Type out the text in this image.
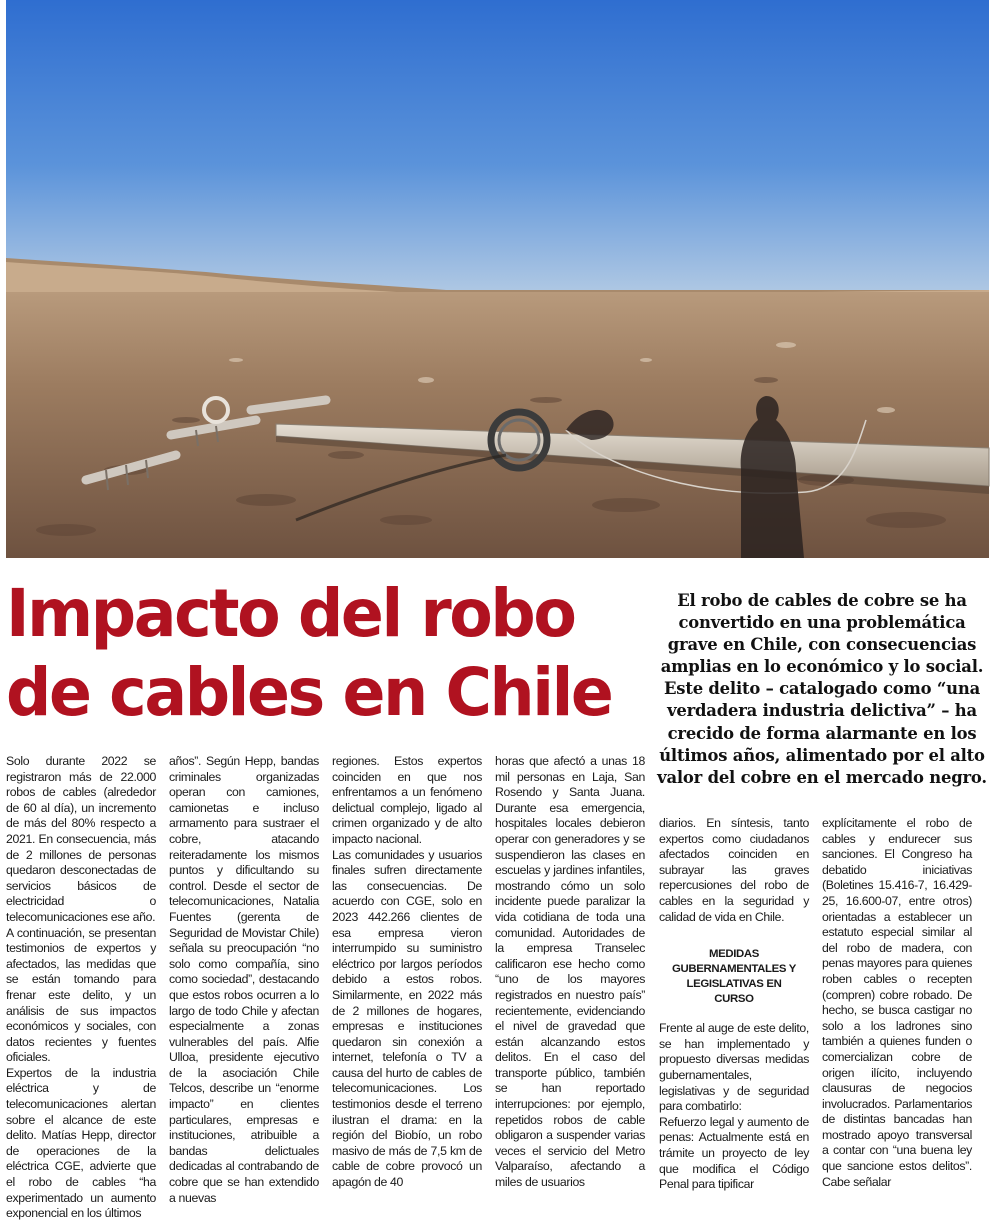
Impacto del robo
de cables en Chile

El robo de cables de cobre se ha convertido en una problemática grave en Chile, con consecuencias amplias en lo económico y lo social. Este delito – catalogado como “una verdadera industria delictiva” – ha crecido de forma alarmante en los últimos años, alimentado por el alto valor del cobre en el mercado negro.

Solo durante 2022 se registraron más de 22.000 robos de cables (alrededor de 60 al día), un incremento de más del 80% respecto a 2021. En consecuencia, más de 2 millones de personas quedaron desconectadas de servicios básicos de electricidad o telecomunicaciones ese año.

A continuación, se presentan testimonios de expertos y afectados, las medidas que se están tomando para frenar este delito, y un análisis de sus impactos económicos y sociales, con datos recientes y fuentes oficiales.

Expertos de la industria eléctrica y de telecomunicaciones alertan sobre el alcance de este delito. Matías Hepp, director de operaciones de la eléctrica CGE, advierte que el robo de cables “ha experimentado un aumento exponencial en los últimos

años”. Según Hepp, bandas criminales organizadas operan con camiones, camionetas e incluso armamento para sustraer el cobre, atacando reiteradamente los mismos puntos y dificultando su control. Desde el sector de telecomunicaciones, Natalia Fuentes (gerenta de Seguridad de Movistar Chile) señala su preocupación “no solo como compañía, sino como sociedad”, destacando que estos robos ocurren a lo largo de todo Chile y afectan especialmente a zonas vulnerables del país. Alfie Ulloa, presidente ejecutivo de la asociación Chile Telcos, describe un “enorme impacto” en clientes particulares, empresas e instituciones, atribuible a bandas delictuales dedicadas al contrabando de cobre que se han extendido a nuevas

regiones. Estos expertos coinciden en que nos enfrentamos a un fenómeno delictual complejo, ligado al crimen organizado y de alto impacto nacional.

Las comunidades y usuarios finales sufren directamente las consecuencias. De acuerdo con CGE, solo en 2023 442.266 clientes de esa empresa vieron interrumpido su suministro eléctrico por largos períodos debido a estos robos. Similarmente, en 2022 más de 2 millones de hogares, empresas e instituciones quedaron sin conexión a internet, telefonía o TV a causa del hurto de cables de telecomunicaciones. Los testimonios desde el terreno ilustran el drama: en la región del Biobío, un robo masivo de más de 7,5 km de cable de cobre provocó un apagón de 40

horas que afectó a unas 18 mil personas en Laja, San Rosendo y Santa Juana. Durante esa emergencia, hospitales locales debieron operar con generadores y se suspendieron las clases en escuelas y jardines infantiles, mostrando cómo un solo incidente puede paralizar la vida cotidiana de toda una comunidad. Autoridades de la empresa Transelec calificaron ese hecho como “uno de los mayores registrados en nuestro país” recientemente, evidenciando el nivel de gravedad que están alcanzando estos delitos. En el caso del transporte público, también se han reportado interrupciones: por ejemplo, repetidos robos de cable obligaron a suspender varias veces el servicio del Metro Valparaíso, afectando a miles de usuarios

diarios. En síntesis, tanto expertos como ciudadanos afectados coinciden en subrayar las graves repercusiones del robo de cables en la seguridad y calidad de vida en Chile.

MEDIDAS GUBERNAMENTALES Y LEGISLATIVAS EN CURSO

Frente al auge de este delito, se han implementado y propuesto diversas medidas gubernamentales, legislativas y de seguridad para combatirlo:

Refuerzo legal y aumento de penas: Actualmente está en trámite un proyecto de ley que modifica el Código Penal para tipificar

explícitamente el robo de cables y endurecer sus sanciones. El Congreso ha debatido iniciativas (Boletines 15.416-7, 16.429-25, 16.600-07, entre otros) orientadas a establecer un estatuto especial similar al del robo de madera, con penas mayores para quienes roben cables o recepten (compren) cobre robado. De hecho, se busca castigar no solo a los ladrones sino también a quienes funden o comercializan cobre de origen ilícito, incluyendo clausuras de negocios involucrados. Parlamentarios de distintas bancadas han mostrado apoyo transversal a contar con “una buena ley que sancione estos delitos”. Cabe señalar
